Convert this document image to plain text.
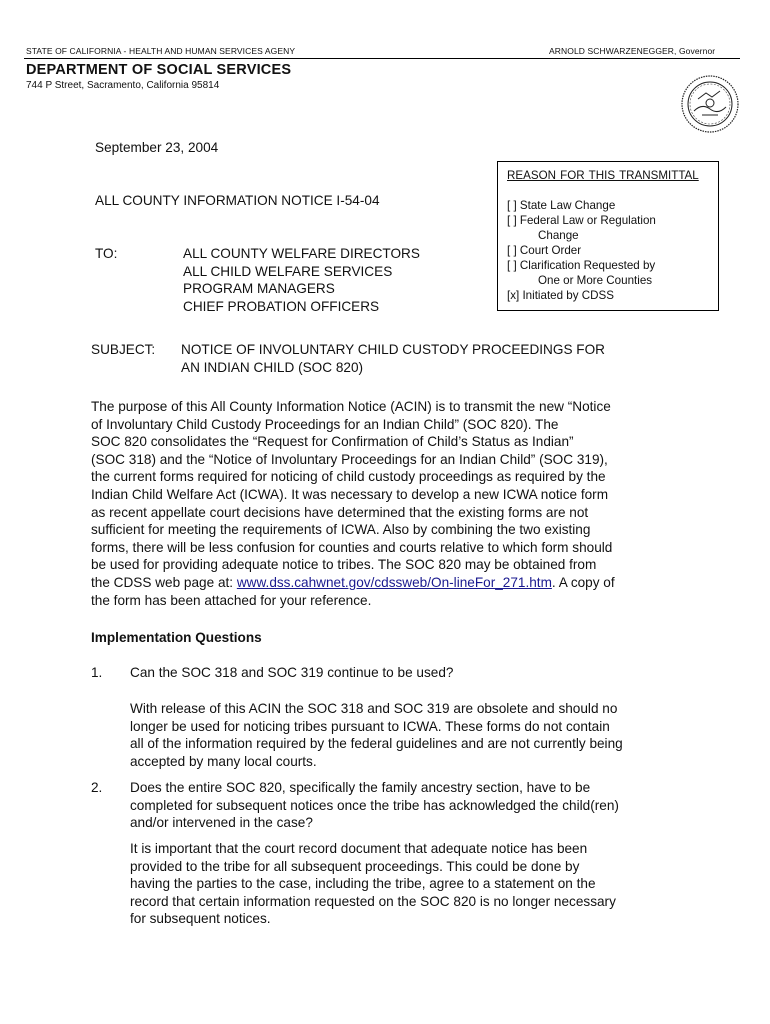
STATE OF CALIFORNIA - HEALTH AND HUMAN SERVICES AGENY	ARNOLD SCHWARZENEGGER, Governor
DEPARTMENT OF SOCIAL SERVICES
744 P Street, Sacramento, California 95814
September 23, 2004
ALL COUNTY INFORMATION NOTICE I-54-04
TO:	ALL COUNTY WELFARE DIRECTORS
ALL CHILD WELFARE SERVICES
PROGRAM MANAGERS
CHIEF PROBATION OFFICERS
REASON FOR THIS TRANSMITTAL
[ ] State Law Change
[ ] Federal Law or Regulation
Change
[ ] Court Order
[ ] Clarification Requested by
One or More Counties
[x] Initiated by CDSS
SUBJECT: NOTICE OF INVOLUNTARY CHILD CUSTODY PROCEEDINGS FOR
AN INDIAN CHILD (SOC 820)
The purpose of this All County Information Notice (ACIN) is to transmit the new “Notice
of Involuntary Child Custody Proceedings for an Indian Child” (SOC 820). The
SOC 820 consolidates the “Request for Confirmation of Child’s Status as Indian”
(SOC 318) and the “Notice of Involuntary Proceedings for an Indian Child” (SOC 319),
the current forms required for noticing of child custody proceedings as required by the
Indian Child Welfare Act (ICWA). It was necessary to develop a new ICWA notice form
as recent appellate court decisions have determined that the existing forms are not
sufficient for meeting the requirements of ICWA. Also by combining the two existing
forms, there will be less confusion for counties and courts relative to which form should
be used for providing adequate notice to tribes. The SOC 820 may be obtained from
the CDSS web page at: www.dss.cahwnet.gov/cdssweb/On-lineFor_271.htm. A copy of
the form has been attached for your reference.
Implementation Questions
1. Can the SOC 318 and SOC 319 continue to be used?
With release of this ACIN the SOC 318 and SOC 319 are obsolete and should no
longer be used for noticing tribes pursuant to ICWA. These forms do not contain
all of the information required by the federal guidelines and are not currently being
accepted by many local courts.
2. Does the entire SOC 820, specifically the family ancestry section, have to be
completed for subsequent notices once the tribe has acknowledged the child(ren)
and/or intervened in the case?
It is important that the court record document that adequate notice has been
provided to the tribe for all subsequent proceedings. This could be done by
having the parties to the case, including the tribe, agree to a statement on the
record that certain information requested on the SOC 820 is no longer necessary
for subsequent notices.
